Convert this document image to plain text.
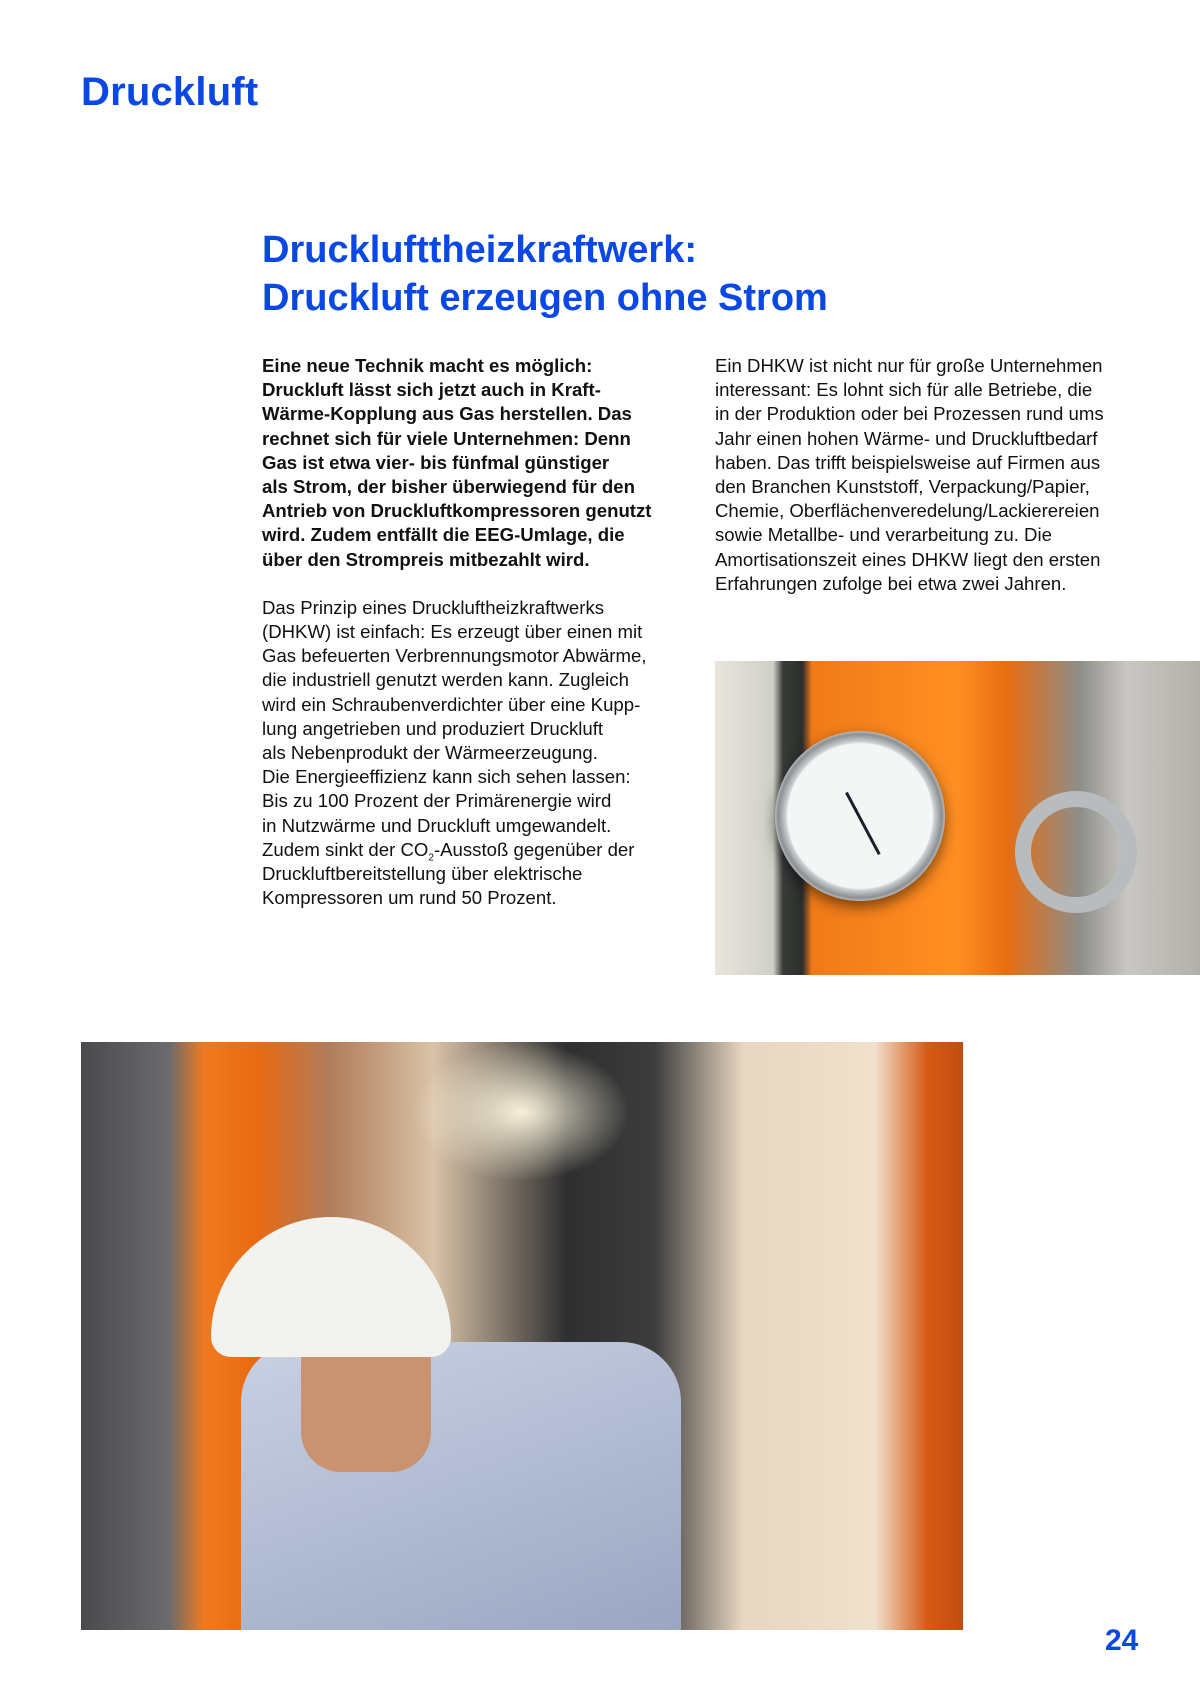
Druckluft
Drucklufttheizkraftwerk:
Druckluft erzeugen ohne Strom

Eine neue Technik macht es möglich:
Druckluft lässt sich jetzt auch in Kraft-
Wärme-Kopplung aus Gas herstellen. Das
rechnet sich für viele Unternehmen: Denn
Gas ist etwa vier- bis fünfmal günstiger
als Strom, der bisher überwiegend für den
Antrieb von Druckluftkompressoren genutzt
wird. Zudem entfällt die EEG-Umlage, die
über den Strompreis mitbezahlt wird.

Das Prinzip eines Druckluftheizkraftwerks
(DHKW) ist einfach: Es erzeugt über einen mit
Gas befeuerten Verbrennungsmotor Abwärme,
die industriell genutzt werden kann. Zugleich
wird ein Schraubenverdichter über eine Kupp-
lung angetrieben und produziert Druckluft
als Nebenprodukt der Wärmeerzeugung.
Die Energieeffizienz kann sich sehen lassen:
Bis zu 100 Prozent der Primärenergie wird
in Nutzwärme und Druckluft umgewandelt.
Zudem sinkt der $CO_2$-Ausstoß gegenüber der
Druckluftbereitstellung über elektrische
Kompressoren um rund 50 Prozent.

Ein DHKW ist nicht nur für große Unternehmen
interessant: Es lohnt sich für alle Betriebe, die
in der Produktion oder bei Prozessen rund ums
Jahr einen hohen Wärme- und Druckluftbedarf
haben. Das trifft beispielsweise auf Firmen aus
den Branchen Kunststoff, Verpackung/Papier,
Chemie, Oberflächenveredelung/Lackierereien
sowie Metallbe- und verarbeitung zu. Die
Amortisationszeit eines DHKW liegt den ersten
Erfahrungen zufolge bei etwa zwei Jahren.

24
